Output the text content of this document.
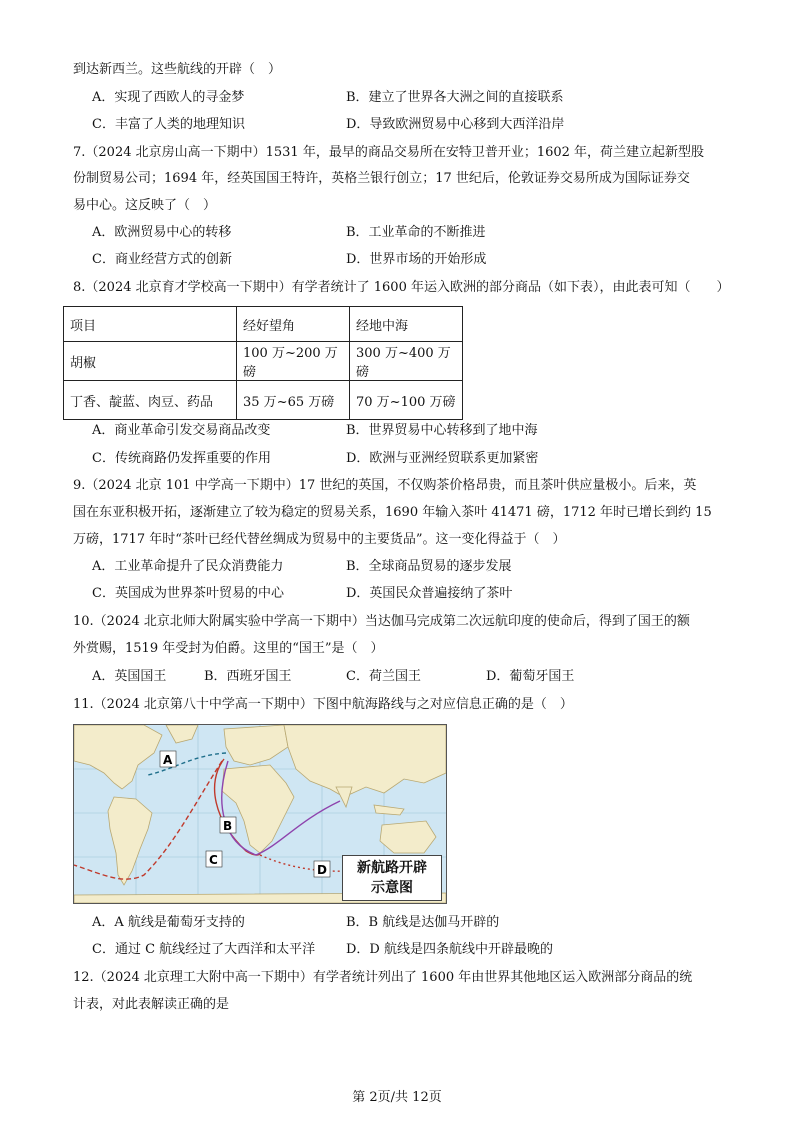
到达新西兰。这些航线的开辟（　）
A．实现了西欧人的寻金梦	B．建立了世界各大洲之间的直接联系
C．丰富了人类的地理知识	D．导致欧洲贸易中心移到大西洋沿岸
7.（2024 北京房山高一下期中）1531 年，最早的商品交易所在安特卫普开业；1602 年，荷兰建立起新型股
份制贸易公司；1694 年，经英国国王特许，英格兰银行创立；17 世纪后，伦敦证券交易所成为国际证券交
易中心。这反映了（　）
A．欧洲贸易中心的转移	B．工业革命的不断推进
C．商业经营方式的创新	D．世界市场的开始形成
8.（2024 北京育才学校高一下期中）有学者统计了 1600 年运入欧洲的部分商品（如下表），由此表可知（　　）
项目	经好望角	经地中海
胡椒	100 万~200 万磅	300 万~400 万磅
丁香、靛蓝、肉豆、药品	35 万~65 万磅	70 万~100 万磅
A．商业革命引发交易商品改变	B．世界贸易中心转移到了地中海
C．传统商路仍发挥重要的作用	D．欧洲与亚洲经贸联系更加紧密
9.（2024 北京 101 中学高一下期中）17 世纪的英国，不仅购茶价格昂贵，而且茶叶供应量极小。后来，英
国在东亚积极开拓，逐渐建立了较为稳定的贸易关系，1690 年输入茶叶 41471 磅，1712 年时已增长到约 15
万磅，1717 年时“茶叶已经代替丝绸成为贸易中的主要货品”。这一变化得益于（　）
A．工业革命提升了民众消费能力	B．全球商品贸易的逐步发展
C．英国成为世界茶叶贸易的中心	D．英国民众普遍接纳了茶叶
10.（2024 北京北师大附属实验中学高一下期中）当达伽马完成第二次远航印度的使命后，得到了国王的额
外赏赐，1519 年受封为伯爵。这里的“国王”是（　）
A．英国国王	B．西班牙国王	C．荷兰国王	D．葡萄牙国王
11.（2024 北京第八十中学高一下期中）下图中航海路线与之对应信息正确的是（　）
A
B
C
D	新航路开辟
示意图
A．A 航线是葡萄牙支持的	B．B 航线是达伽马开辟的
C．通过 C 航线经过了大西洋和太平洋 D．D 航线是四条航线中开辟最晚的
12.（2024 北京理工大附中高一下期中）有学者统计列出了 1600 年由世界其他地区运入欧洲部分商品的统
计表，对此表解读正确的是
第 2页/共 12页
